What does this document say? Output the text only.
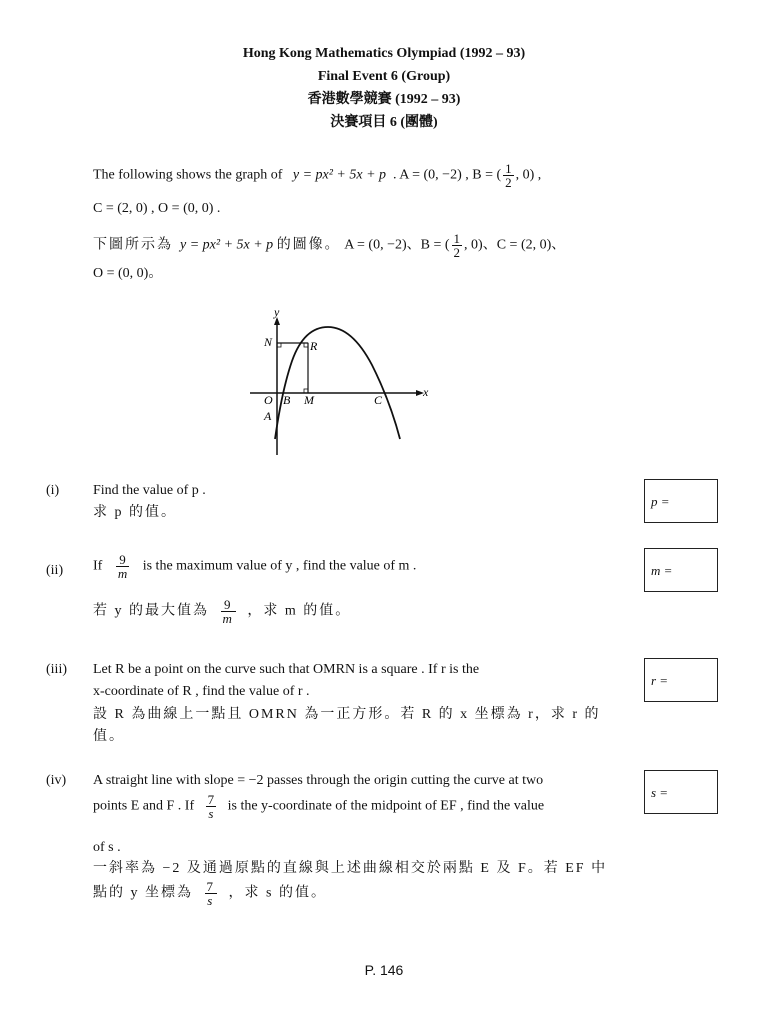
Hong Kong Mathematics Olympiad (1992 – 93)
Final Event 6 (Group)
香港數學競賽 (1992 – 93)
決賽項目 6 (團體)
The following shows the graph of y = px² + 5x + p . A = (0, −2) , B = ( $\frac{1}{2}$ , 0) ,
C = (2, 0) , O = (0, 0) .
下圖所示為 y = px² + 5x + p 的圖像。 A = (0, −2)、B = ( $\frac{1}{2}$ , 0)、C = (2, 0)、
O = (0, 0)。
y
x
N	R
O B M	C
A
(i) Find the value of p .
求 p 的值。
p =
(ii) If $\frac{9}{m}$ is the maximum value of y , find the value of m .
若 y 的最大值為 $\frac{9}{m}$ ，求 m 的值。
m =
(iii) Let R be a point on the curve such that OMRN is a square . If r is the
x-coordinate of R , find the value of r .
設 R 為曲線上一點且 OMRN 為一正方形。若 R 的 x 坐標為 r，求 r 的
值。
r =
(iv) A straight line with slope = −2 passes through the origin cutting the curve at two
points E and F . If $\frac{7}{s}$ is the y-coordinate of the midpoint of EF , find the value
of s .
一斜率為 −2 及通過原點的直線與上述曲線相交於兩點 E 及 F。若 EF 中
點的 y 坐標為 $\frac{7}{s}$ ，求 s 的值。
s =
P. 146
